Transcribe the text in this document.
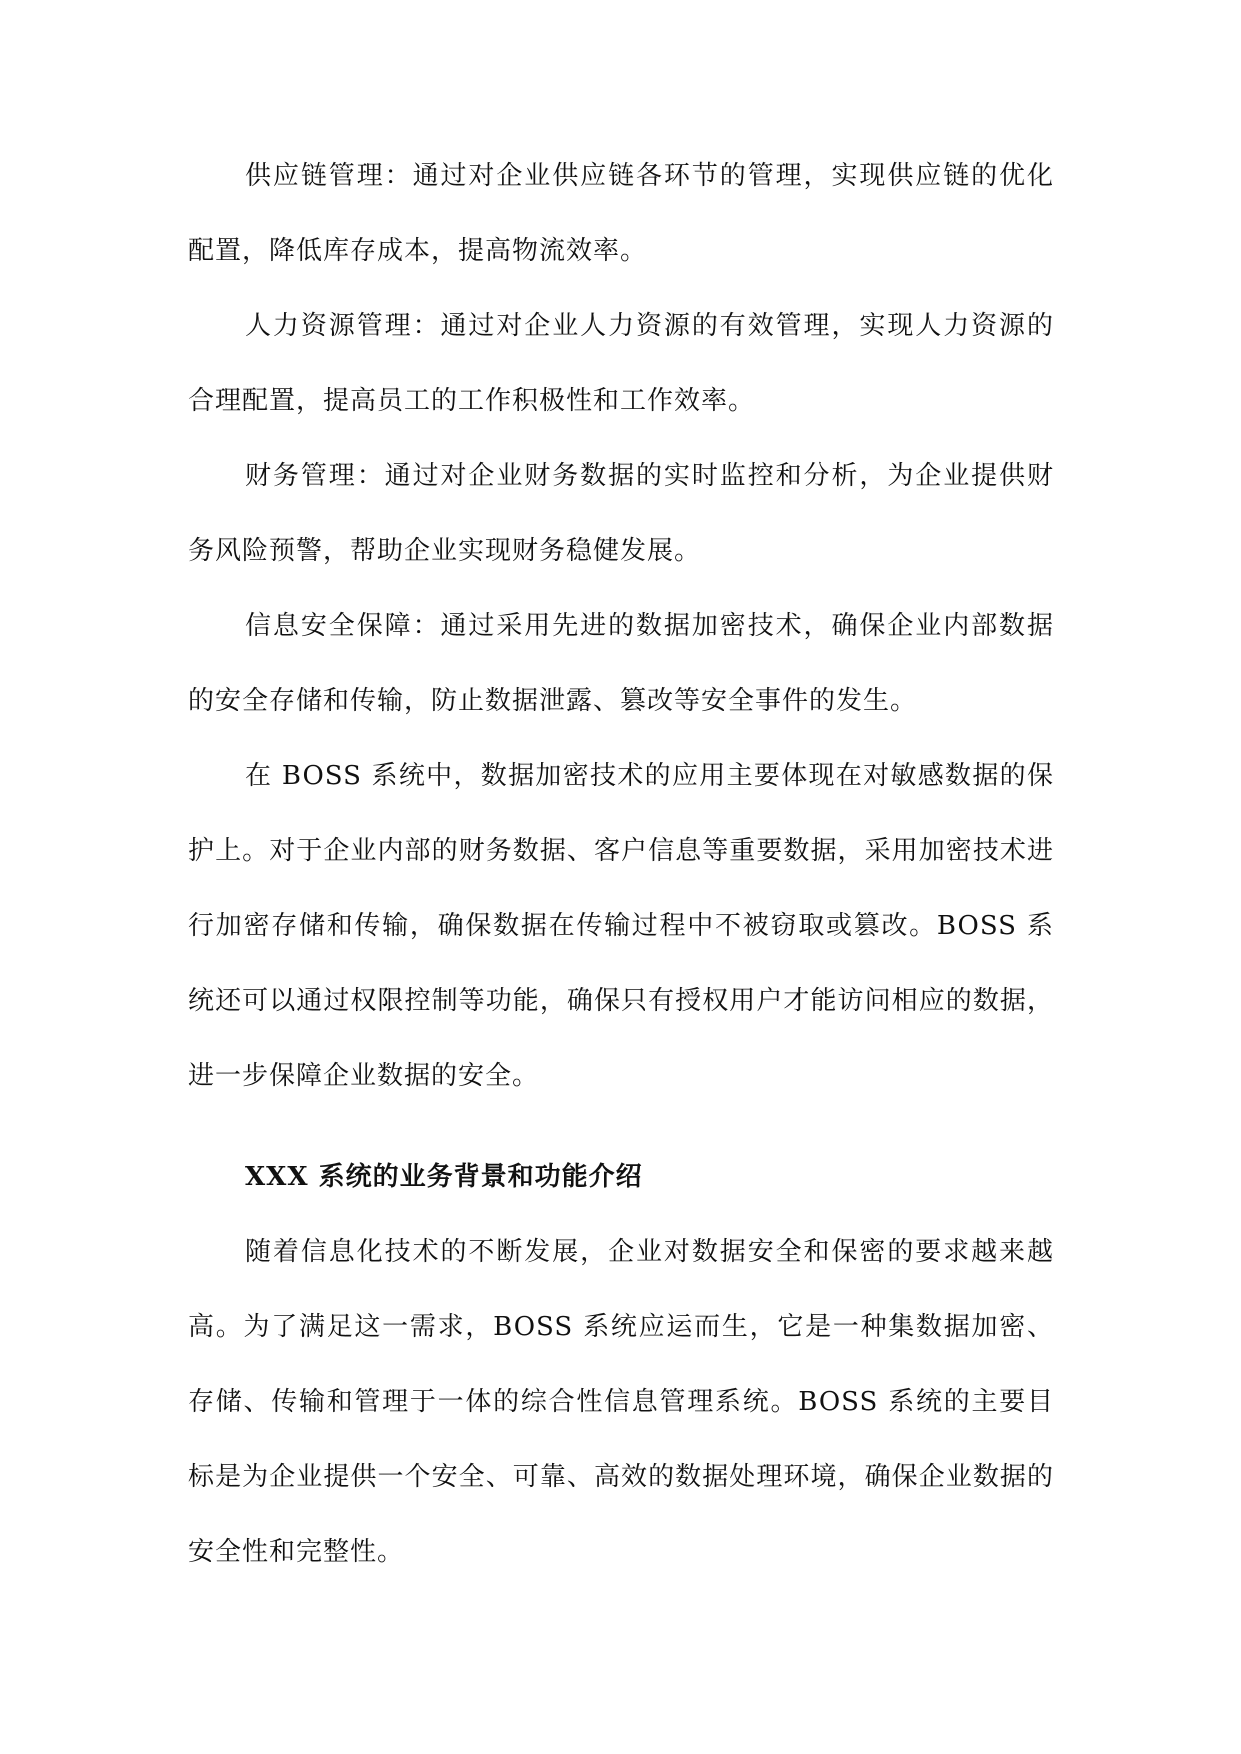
供应链管理：通过对企业供应链各环节的管理，实现供应链的优化配置，降低库存成本，提高物流效率。

人力资源管理：通过对企业人力资源的有效管理，实现人力资源的合理配置，提高员工的工作积极性和工作效率。

财务管理：通过对企业财务数据的实时监控和分析，为企业提供财务风险预警，帮助企业实现财务稳健发展。

信息安全保障：通过采用先进的数据加密技术，确保企业内部数据的安全存储和传输，防止数据泄露、篡改等安全事件的发生。

在 BOSS 系统中，数据加密技术的应用主要体现在对敏感数据的保护上。对于企业内部的财务数据、客户信息等重要数据，采用加密技术进行加密存储和传输，确保数据在传输过程中不被窃取或篡改。BOSS 系统还可以通过权限控制等功能，确保只有授权用户才能访问相应的数据，进一步保障企业数据的安全。

XXX 系统的业务背景和功能介绍

随着信息化技术的不断发展，企业对数据安全和保密的要求越来越高。为了满足这一需求，BOSS 系统应运而生，它是一种集数据加密、存储、传输和管理于一体的综合性信息管理系统。BOSS 系统的主要目标是为企业提供一个安全、可靠、高效的数据处理环境，确保企业数据的安全性和完整性。
